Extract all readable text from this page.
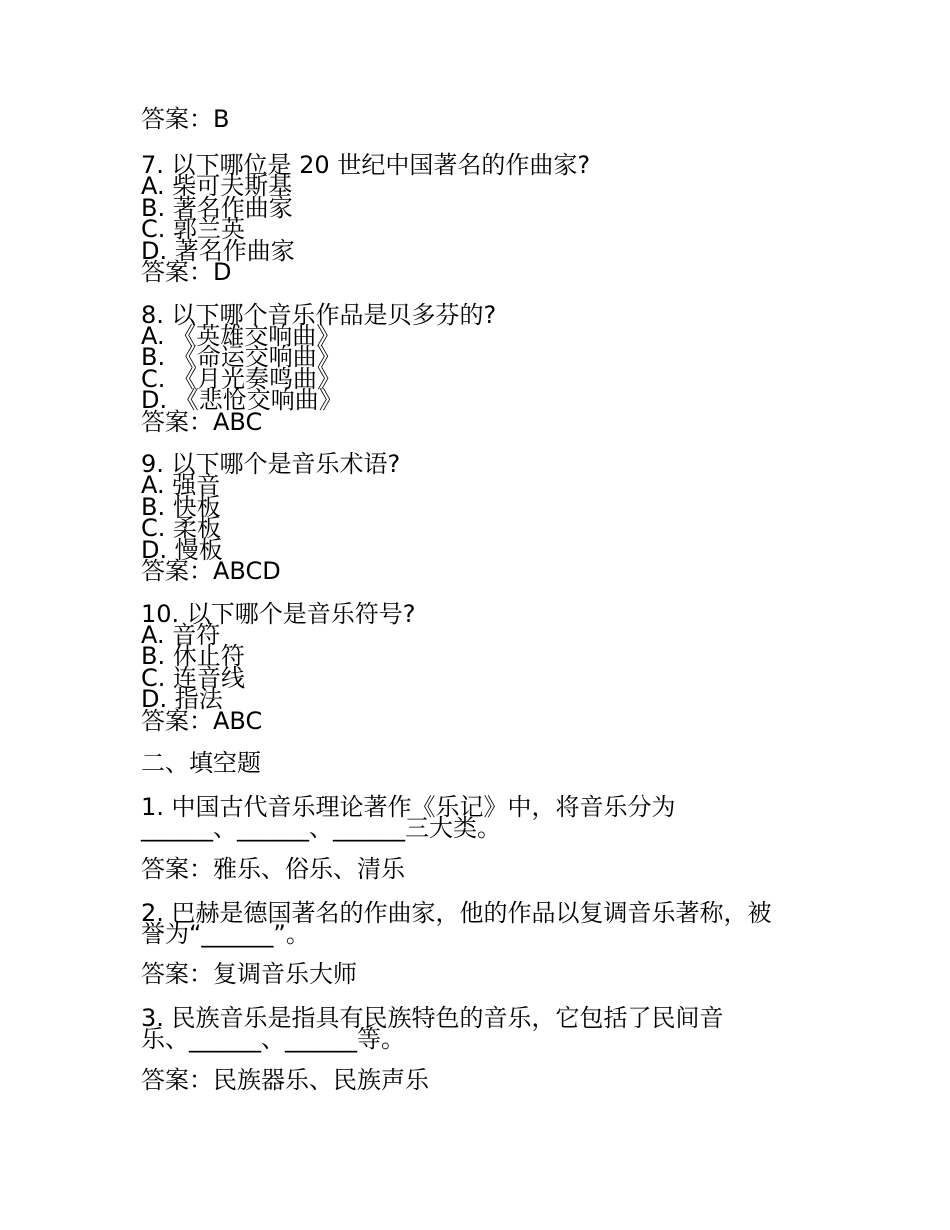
答案：B
7. 以下哪位是 20 世纪中国著名的作曲家?
A. 柴可夫斯基
B. 著名作曲家
C. 郭兰英
D. 著名作曲家
答案：D
8. 以下哪个音乐作品是贝多芬的?
A. 《英雄交响曲》
B. 《命运交响曲》
C. 《月光奏鸣曲》
D. 《悲怆交响曲》
答案：ABC
9. 以下哪个是音乐术语?
A. 强音
B. 快板
C. 柔板
D. 慢板
答案：ABCD
10. 以下哪个是音乐符号?
A. 音符
B. 休止符
C. 连音线
D. 指法
答案：ABC
二、填空题
1. 中国古代音乐理论著作《乐记》中，将音乐分为
______、______、______三大类。
答案：雅乐、俗乐、清乐
2. 巴赫是德国著名的作曲家，他的作品以复调音乐著称，被
誉为“______”。
答案：复调音乐大师
3. 民族音乐是指具有民族特色的音乐，它包括了民间音
乐、______、______等。
答案：民族器乐、民族声乐
